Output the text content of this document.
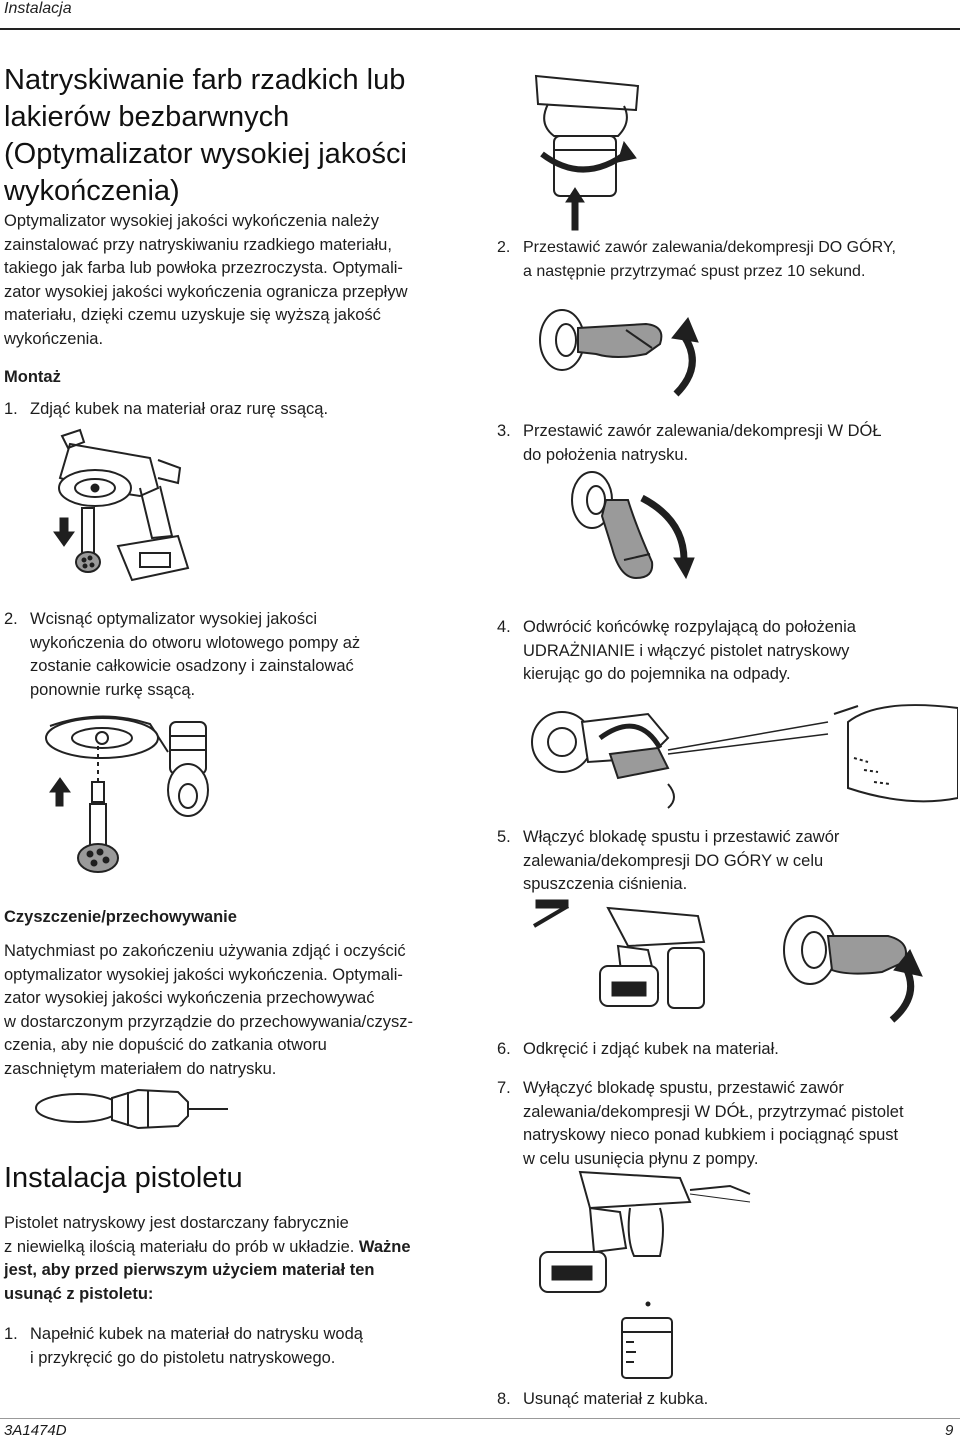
Instalacja
Natryskiwanie farb rzadkich lub lakierów bezbarwnych (Optymalizator wysokiej jakości wykończenia)
Optymalizator wysokiej jakości wykończenia należy
zainstalować przy natryskiwaniu rzadkiego materiału,
takiego jak farba lub powłoka przezroczysta. Optymali-
zator wysokiej jakości wykończenia ogranicza przepływ
materiału, dzięki czemu uzyskuje się wyższą jakość
wykończenia.
Montaż
1. Zdjąć kubek na materiał oraz rurę ssącą.
2. Wcisnąć optymalizator wysokiej jakości
wykończenia do otworu wlotowego pompy aż
zostanie całkowicie osadzony i zainstalować
ponownie rurkę ssącą.
Czyszczenie/przechowywanie
Natychmiast po zakończeniu używania zdjąć i oczyścić
optymalizator wysokiej jakości wykończenia. Optymali-
zator wysokiej jakości wykończenia przechowywać
w dostarczonym przyrządzie do przechowywania/czysz-
czenia, aby nie dopuścić do zatkania otworu
zaschniętym materiałem do natrysku.
Instalacja pistoletu
Pistolet natryskowy jest dostarczany fabrycznie
z niewielką ilością materiału do prób w układzie. Ważne
jest, aby przed pierwszym użyciem materiał ten
usunąć z pistoletu:
1. Napełnić kubek na materiał do natrysku wodą
i przykręcić go do pistoletu natryskowego.
2. Przestawić zawór zalewania/dekompresji DO GÓRY,
a następnie przytrzymać spust przez 10 sekund.
3. Przestawić zawór zalewania/dekompresji W DÓŁ
do położenia natrysku.
4. Odwrócić końcówkę rozpylającą do położenia
UDRAŻNIANIE i włączyć pistolet natryskowy
kierując go do pojemnika na odpady.
5. Włączyć blokadę spustu i przestawić zawór
zalewania/dekompresji DO GÓRY w celu
spuszczenia ciśnienia.
6. Odkręcić i zdjąć kubek na materiał.
7. Wyłączyć blokadę spustu, przestawić zawór
zalewania/dekompresji W DÓŁ, przytrzymać pistolet
natryskowy nieco ponad kubkiem i pociągnąć spust
w celu usunięcia płynu z pompy.
8. Usunąć materiał z kubka.
3A1474D	9
